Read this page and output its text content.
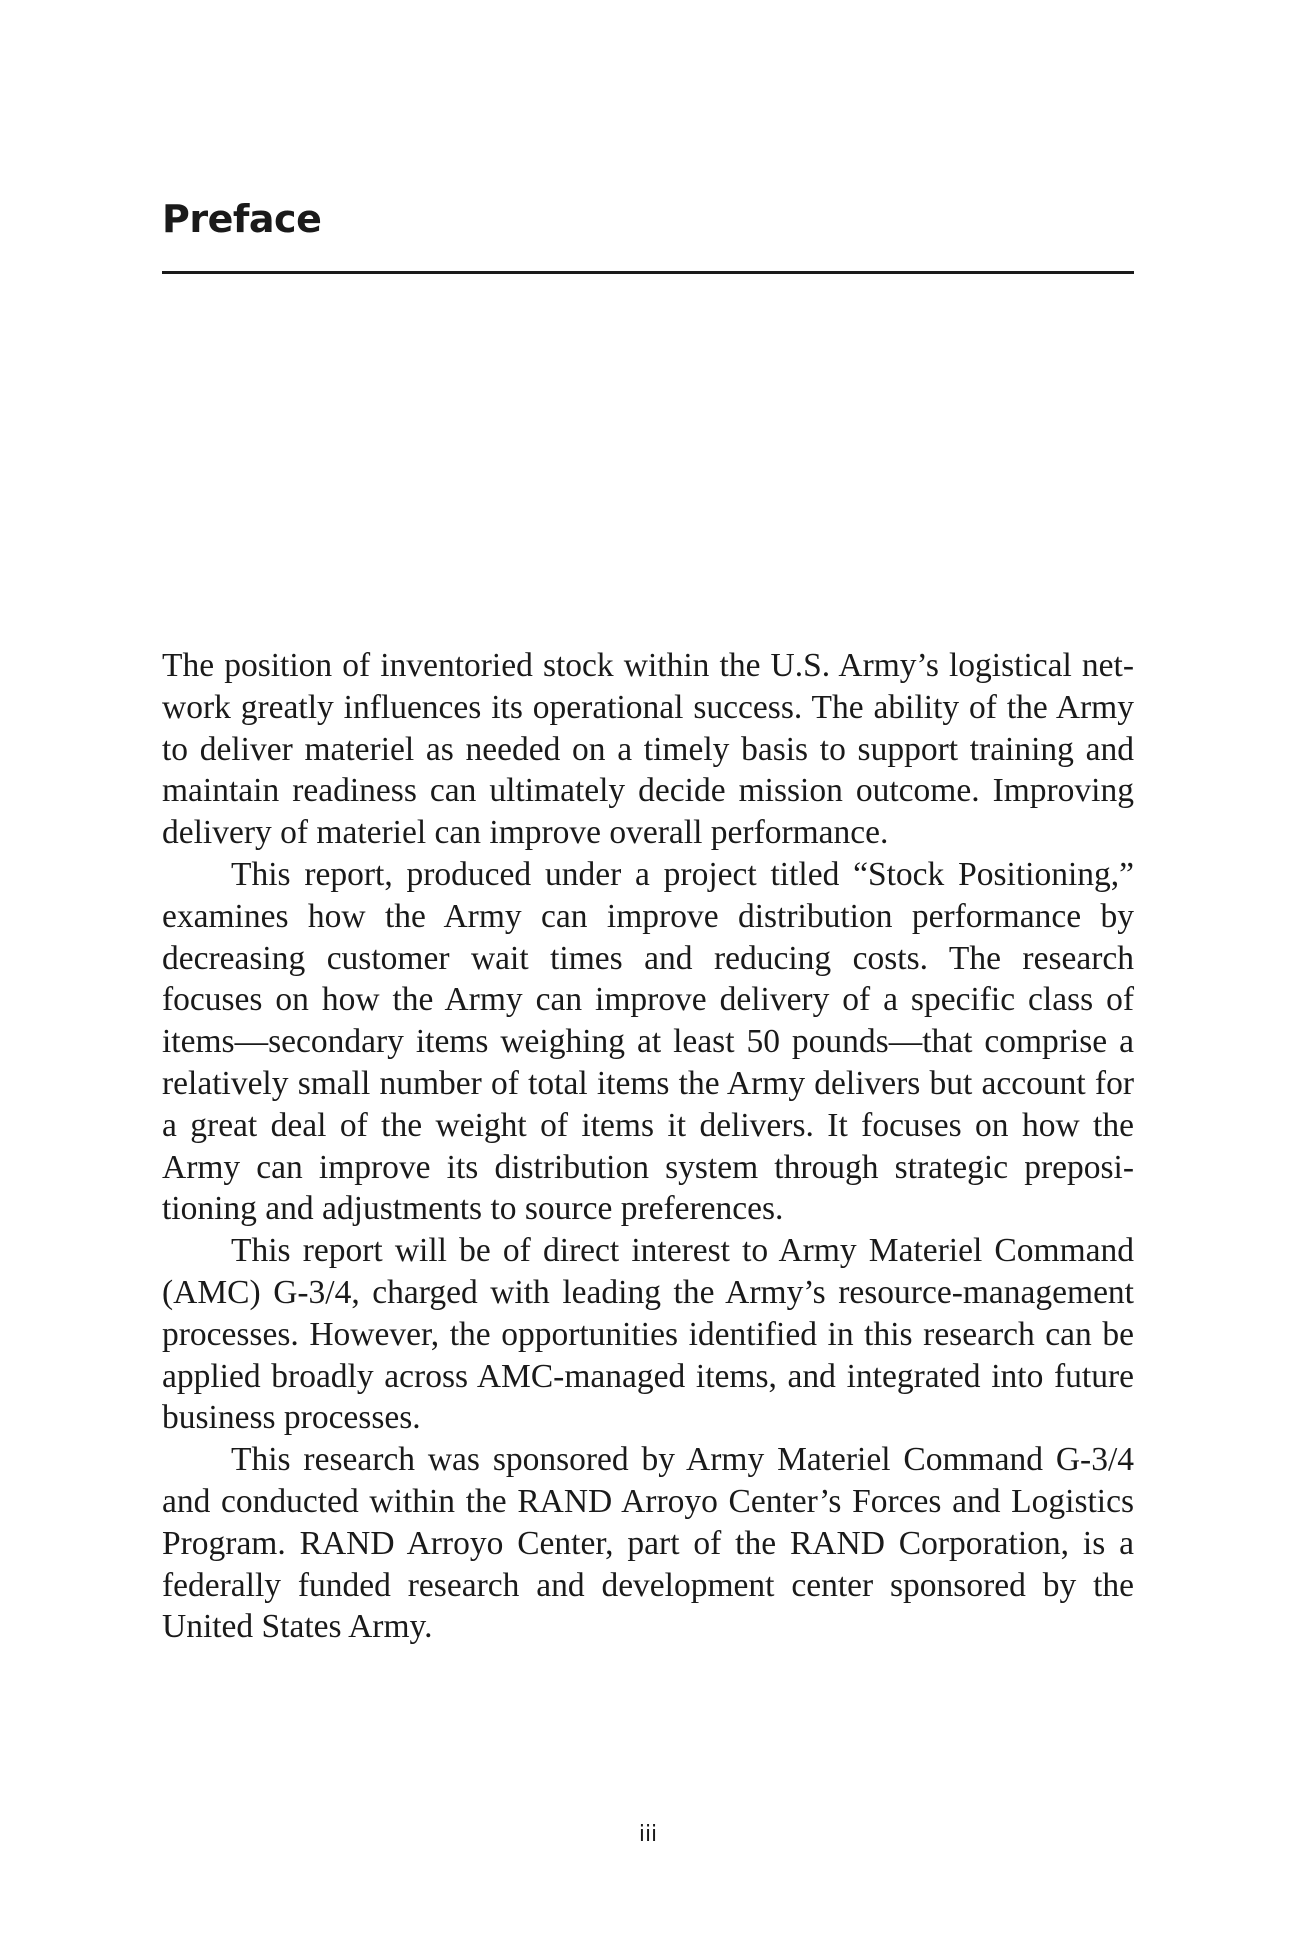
Preface

The position of inventoried stock within the U.S. Army’s logistical network greatly influences its operational success. The ability of the Army to deliver materiel as needed on a timely basis to support training and maintain readiness can ultimately decide mission outcome. Improving delivery of materiel can improve overall performance.

This report, produced under a project titled “Stock Positioning,” examines how the Army can improve distribution performance by decreasing customer wait times and reducing costs. The research focuses on how the Army can improve delivery of a specific class of items—secondary items weighing at least 50 pounds—that comprise a relatively small number of total items the Army delivers but account for a great deal of the weight of items it delivers. It focuses on how the Army can improve its distribution system through strategic prepositioning and adjustments to source preferences.

This report will be of direct interest to Army Materiel Command (AMC) G-3/4, charged with leading the Army’s resource-management processes. However, the opportunities identified in this research can be applied broadly across AMC-managed items, and integrated into future business processes.

This research was sponsored by Army Materiel Command G-3/4 and conducted within the RAND Arroyo Center’s Forces and Logistics Program. RAND Arroyo Center, part of the RAND Corporation, is a federally funded research and development center sponsored by the United States Army.

iii
